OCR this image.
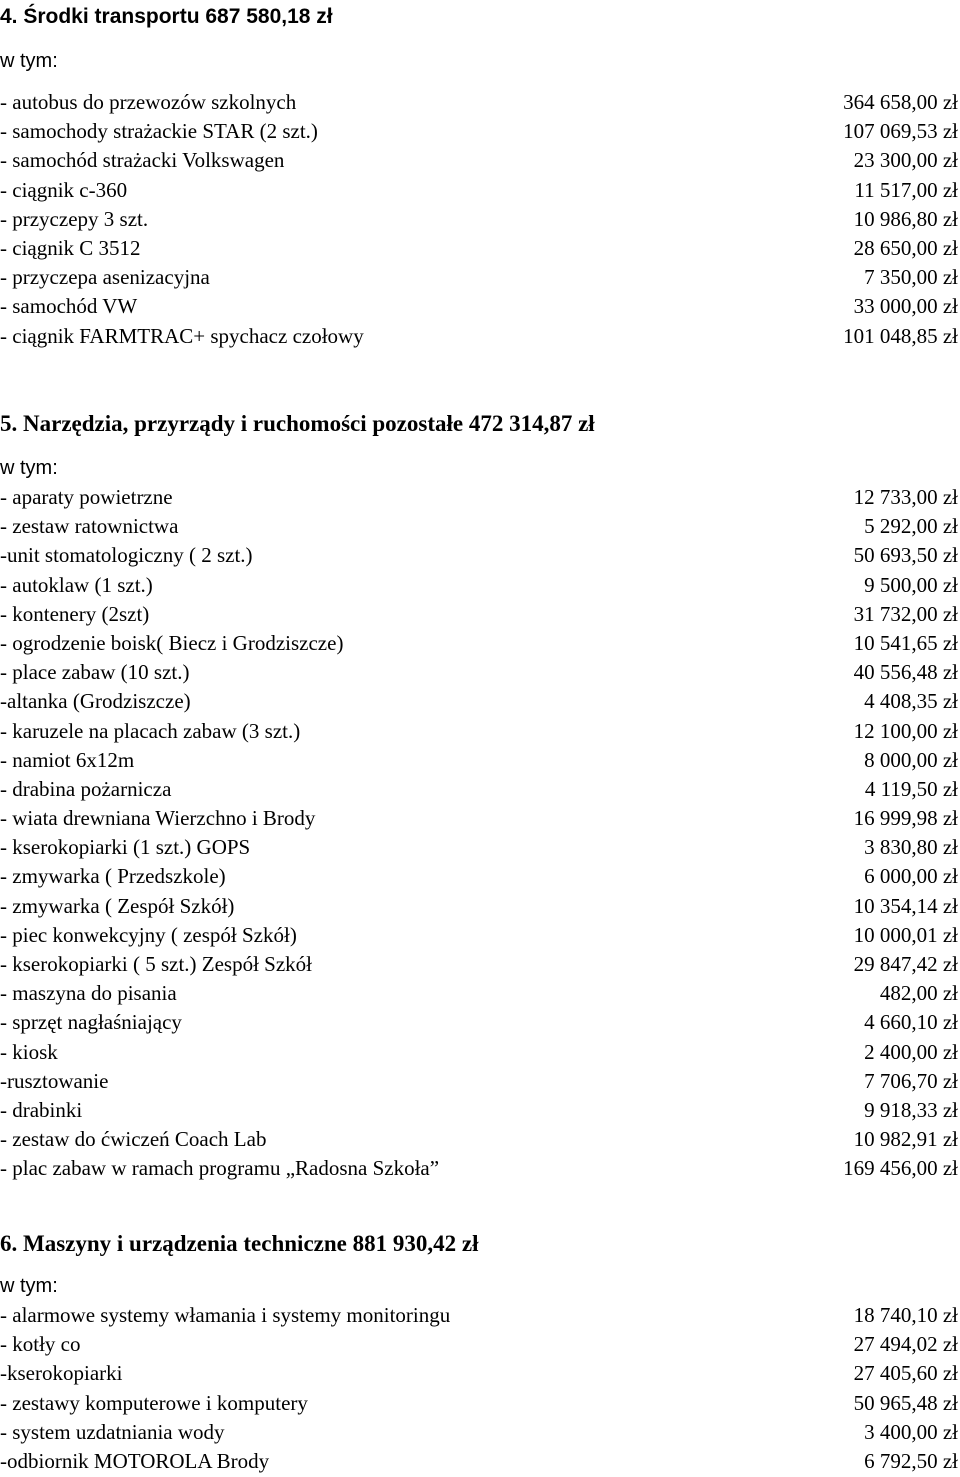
4. Środki transportu 687 580,18 zł
w tym:
- autobus do przewozów szkolnych	364 658,00 zł
- samochody strażackie STAR (2 szt.)	107 069,53 zł
- samochód strażacki Volkswagen	23 300,00 zł
- ciągnik c-360	11 517,00 zł
- przyczepy 3 szt.	10 986,80 zł
- ciągnik C 3512	28 650,00 zł
- przyczepa asenizacyjna	7 350,00 zł
- samochód VW	33 000,00 zł
- ciągnik FARMTRAC+ spychacz czołowy	101 048,85 zł
5. Narzędzia, przyrządy i ruchomości pozostałe 472 314,87 zł
w tym:
- aparaty powietrzne	12 733,00 zł
- zestaw ratownictwa	5 292,00 zł
-unit stomatologiczny ( 2 szt.)	50 693,50 zł
- autoklaw (1 szt.)	9 500,00 zł
- kontenery (2szt)	31 732,00 zł
- ogrodzenie boisk( Biecz i Grodziszcze)	10 541,65 zł
- place zabaw (10 szt.)	40 556,48 zł
-altanka (Grodziszcze)	4 408,35 zł
- karuzele na placach zabaw (3 szt.)	12 100,00 zł
- namiot 6x12m	8 000,00 zł
- drabina pożarnicza	4 119,50 zł
- wiata drewniana Wierzchno i Brody	16 999,98 zł
- kserokopiarki (1 szt.) GOPS	3 830,80 zł
- zmywarka ( Przedszkole)	6 000,00 zł
- zmywarka ( Zespół Szkół)	10 354,14 zł
- piec konwekcyjny ( zespół Szkół)	10 000,01 zł
- kserokopiarki ( 5 szt.) Zespół Szkół	29 847,42 zł
- maszyna do pisania	482,00 zł
- sprzęt nagłaśniający	4 660,10 zł
- kiosk	2 400,00 zł
-rusztowanie	7 706,70 zł
- drabinki	9 918,33 zł
- zestaw do ćwiczeń Coach Lab	10 982,91 zł
- plac zabaw w ramach programu „Radosna Szkoła”	169 456,00 zł
6. Maszyny i urządzenia techniczne 881 930,42 zł
w tym:
- alarmowe systemy włamania i systemy monitoringu	18 740,10 zł
- kotły co	27 494,02 zł
-kserokopiarki	27 405,60 zł
- zestawy komputerowe i komputery	50 965,48 zł
- system uzdatniania wody	3 400,00 zł
-odbiornik MOTOROLA Brody	6 792,50 zł
